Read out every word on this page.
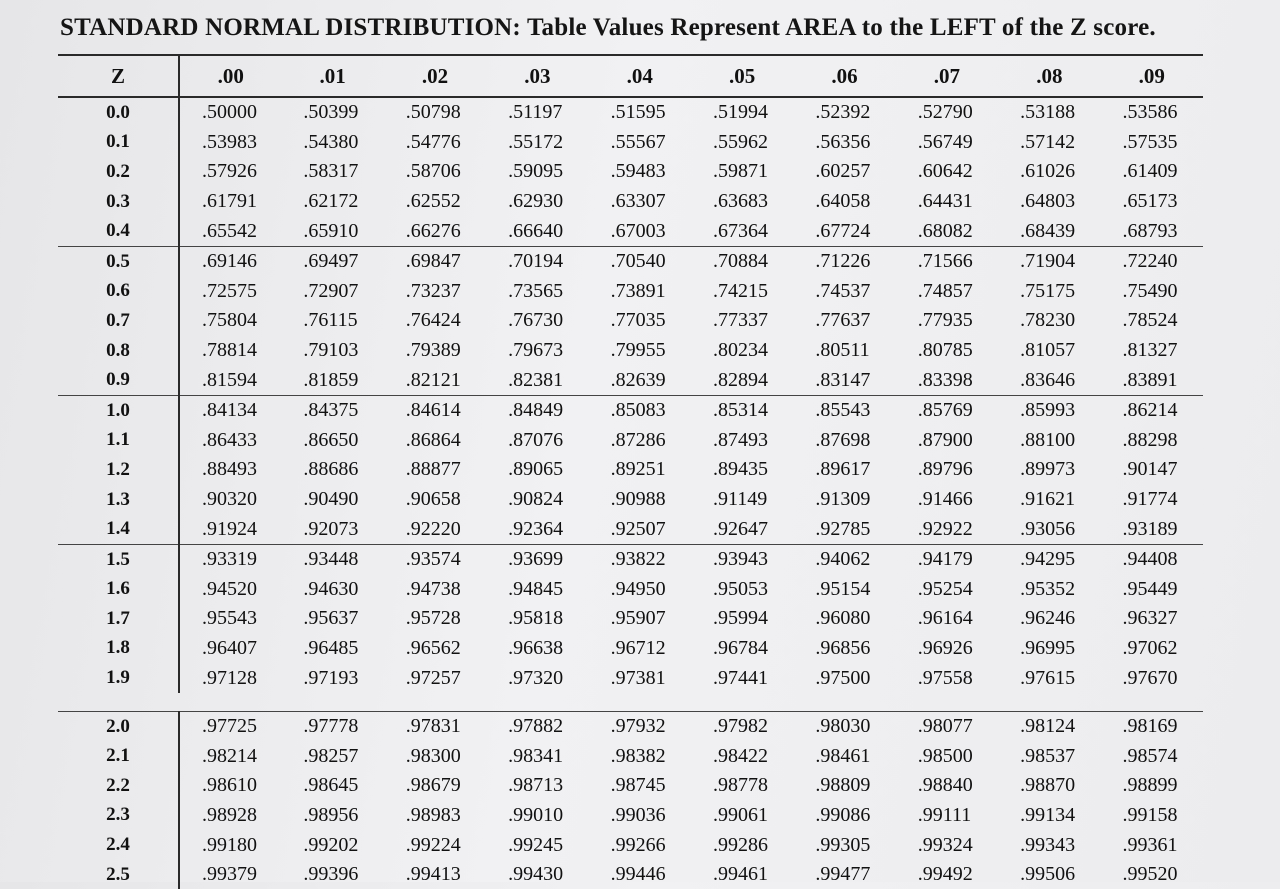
STANDARD NORMAL DISTRIBUTION: Table Values Represent AREA to the LEFT of the Z score.
Z	.00	.01	.02	.03	.04	.05	.06	.07	.08	.09
0.0	.50000	.50399	.50798	.51197	.51595	.51994	.52392	.52790	.53188	.53586
0.1	.53983	.54380	.54776	.55172	.55567	.55962	.56356	.56749	.57142	.57535
0.2	.57926	.58317	.58706	.59095	.59483	.59871	.60257	.60642	.61026	.61409
0.3	.61791	.62172	.62552	.62930	.63307	.63683	.64058	.64431	.64803	.65173
0.4	.65542	.65910	.66276	.66640	.67003	.67364	.67724	.68082	.68439	.68793
0.5	.69146	.69497	.69847	.70194	.70540	.70884	.71226	.71566	.71904	.72240
0.6	.72575	.72907	.73237	.73565	.73891	.74215	.74537	.74857	.75175	.75490
0.7	.75804	.76115	.76424	.76730	.77035	.77337	.77637	.77935	.78230	.78524
0.8	.78814	.79103	.79389	.79673	.79955	.80234	.80511	.80785	.81057	.81327
0.9	.81594	.81859	.82121	.82381	.82639	.82894	.83147	.83398	.83646	.83891
1.0	.84134	.84375	.84614	.84849	.85083	.85314	.85543	.85769	.85993	.86214
1.1	.86433	.86650	.86864	.87076	.87286	.87493	.87698	.87900	.88100	.88298
1.2	.88493	.88686	.88877	.89065	.89251	.89435	.89617	.89796	.89973	.90147
1.3	.90320	.90490	.90658	.90824	.90988	.91149	.91309	.91466	.91621	.91774
1.4	.91924	.92073	.92220	.92364	.92507	.92647	.92785	.92922	.93056	.93189
1.5	.93319	.93448	.93574	.93699	.93822	.93943	.94062	.94179	.94295	.94408
1.6	.94520	.94630	.94738	.94845	.94950	.95053	.95154	.95254	.95352	.95449
1.7	.95543	.95637	.95728	.95818	.95907	.95994	.96080	.96164	.96246	.96327
1.8	.96407	.96485	.96562	.96638	.96712	.96784	.96856	.96926	.96995	.97062
1.9	.97128	.97193	.97257	.97320	.97381	.97441	.97500	.97558	.97615	.97670

2.0	.97725	.97778	.97831	.97882	.97932	.97982	.98030	.98077	.98124	.98169
2.1	.98214	.98257	.98300	.98341	.98382	.98422	.98461	.98500	.98537	.98574
2.2	.98610	.98645	.98679	.98713	.98745	.98778	.98809	.98840	.98870	.98899
2.3	.98928	.98956	.98983	.99010	.99036	.99061	.99086	.99111	.99134	.99158
2.4	.99180	.99202	.99224	.99245	.99266	.99286	.99305	.99324	.99343	.99361
2.5	.99379	.99396	.99413	.99430	.99446	.99461	.99477	.99492	.99506	.99520
